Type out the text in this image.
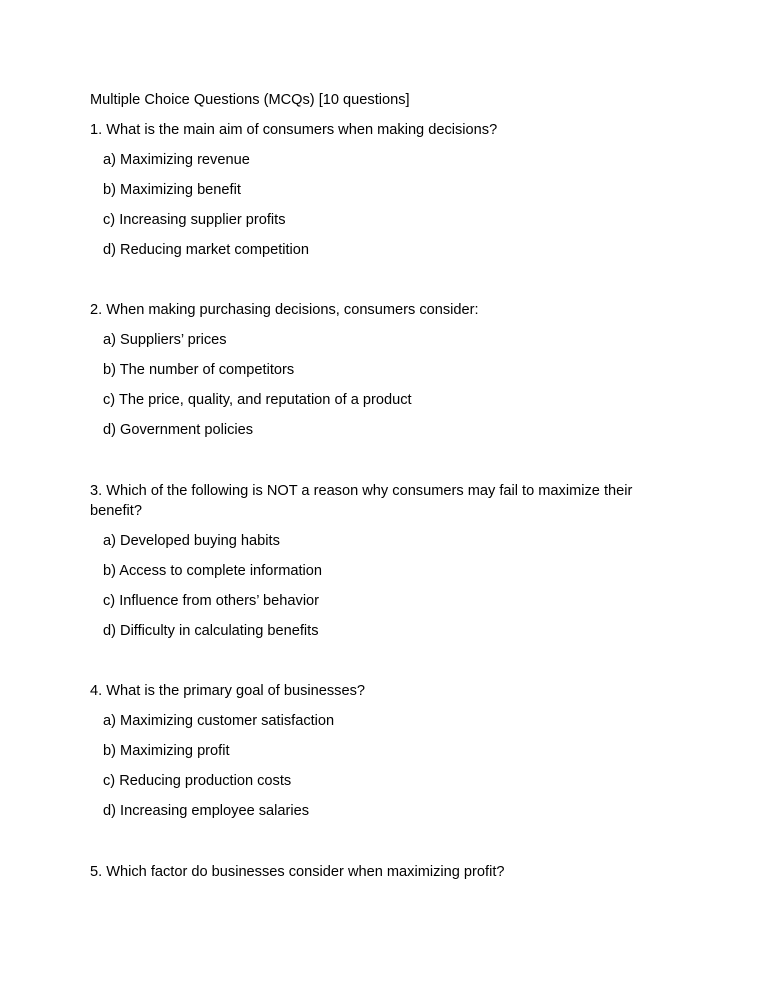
Multiple Choice Questions (MCQs) [10 questions]
1. What is the main aim of consumers when making decisions?
a) Maximizing revenue
b) Maximizing benefit
c) Increasing supplier profits
d) Reducing market competition
2. When making purchasing decisions, consumers consider:
a) Suppliers’ prices
b) The number of competitors
c) The price, quality, and reputation of a product
d) Government policies
3. Which of the following is NOT a reason why consumers may fail to maximize their benefit?
a) Developed buying habits
b) Access to complete information
c) Influence from others’ behavior
d) Difficulty in calculating benefits
4. What is the primary goal of businesses?
a) Maximizing customer satisfaction
b) Maximizing profit
c) Reducing production costs
d) Increasing employee salaries
5. Which factor do businesses consider when maximizing profit?
